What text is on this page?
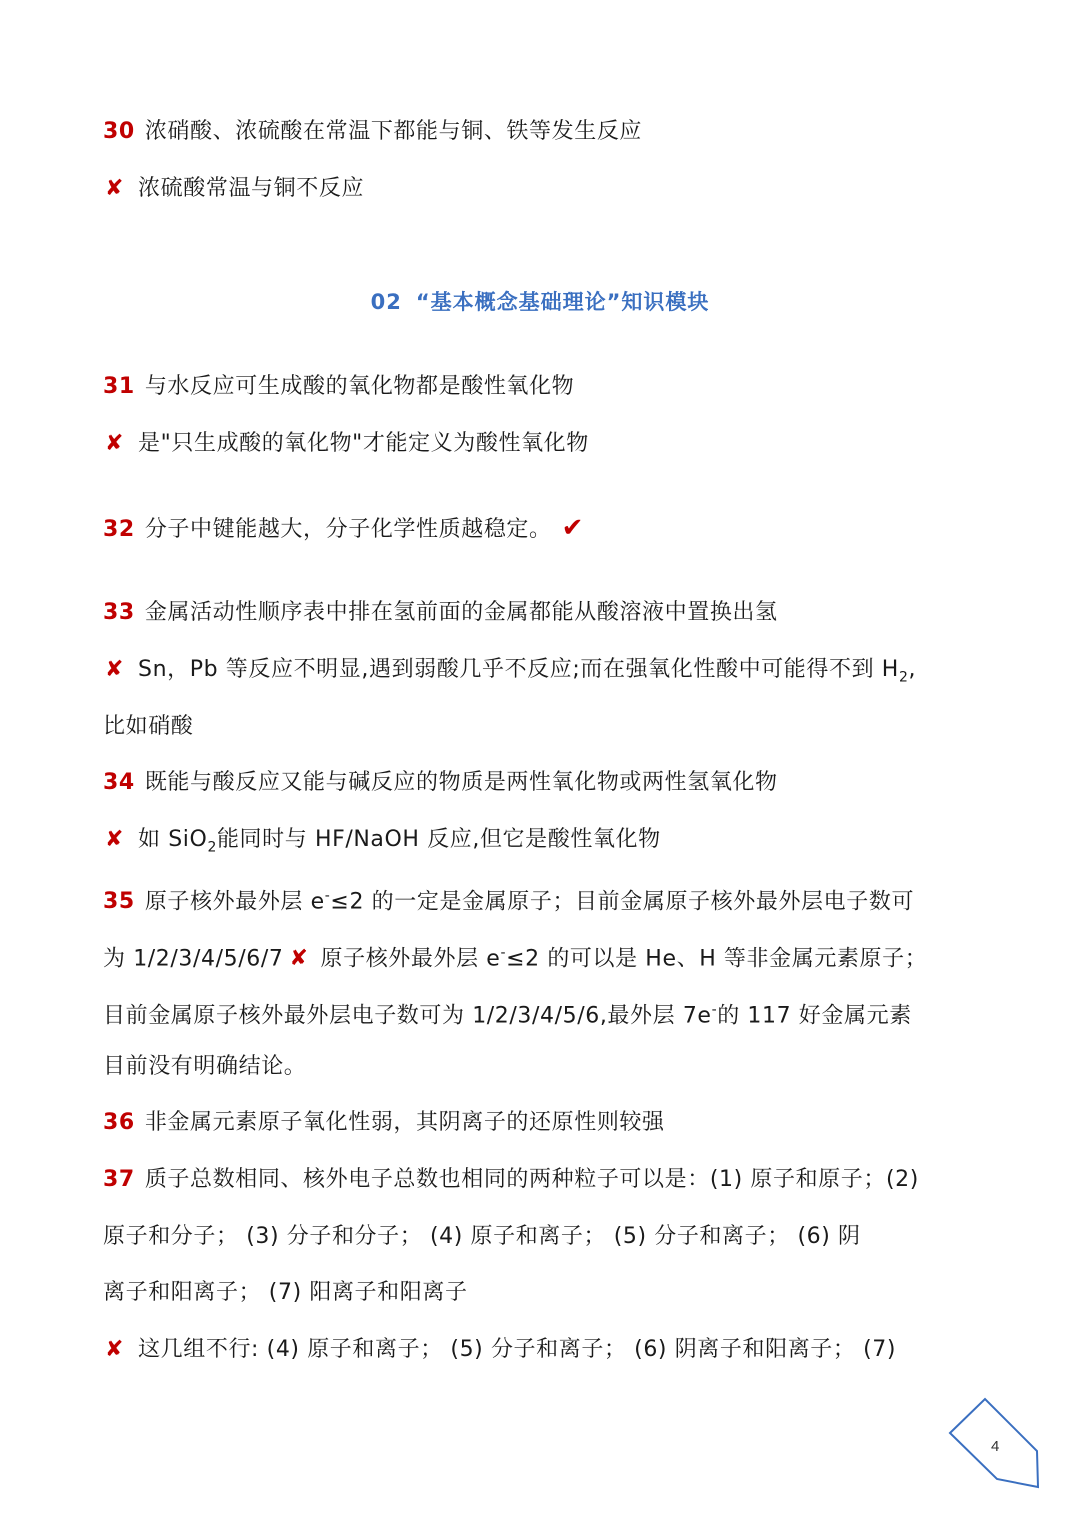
30 浓硝酸、浓硫酸在常温下都能与铜、铁等发生反应
✘ 浓硫酸常温与铜不反应
02 “基本概念基础理论”知识模块
31 与水反应可生成酸的氧化物都是酸性氧化物
✘ 是"只生成酸的氧化物"才能定义为酸性氧化物
32 分子中键能越大，分子化学性质越稳定。 ✔
33 金属活动性顺序表中排在氢前面的金属都能从酸溶液中置换出氢
✘ Sn，Pb 等反应不明显,遇到弱酸几乎不反应;而在强氧化性酸中可能得不到 $H_2$,
比如硝酸
34 既能与酸反应又能与碱反应的物质是两性氧化物或两性氢氧化物
✘ 如 SiO$_2$能同时与 HF/NaOH 反应,但它是酸性氧化物
35 原子核外最外层 e-≤2 的一定是金属原子；目前金属原子核外最外层电子数可
为 1/2/3/4/5/6/7 ✘ 原子核外最外层 e-≤2 的可以是 He、H 等非金属元素原子；
目前金属原子核外最外层电子数可为 1/2/3/4/5/6,最外层 7e-的 117 好金属元素
目前没有明确结论。
36 非金属元素原子氧化性弱，其阴离子的还原性则较强
37 质子总数相同、核外电子总数也相同的两种粒子可以是：(1) 原子和原子；(2)
原子和分子； (3) 分子和分子； (4) 原子和离子； (5) 分子和离子； (6) 阴
离子和阳离子； (7) 阳离子和阳离子
✘ 这几组不行: (4) 原子和离子； (5) 分子和离子； (6) 阴离子和阳离子； (7)
4
